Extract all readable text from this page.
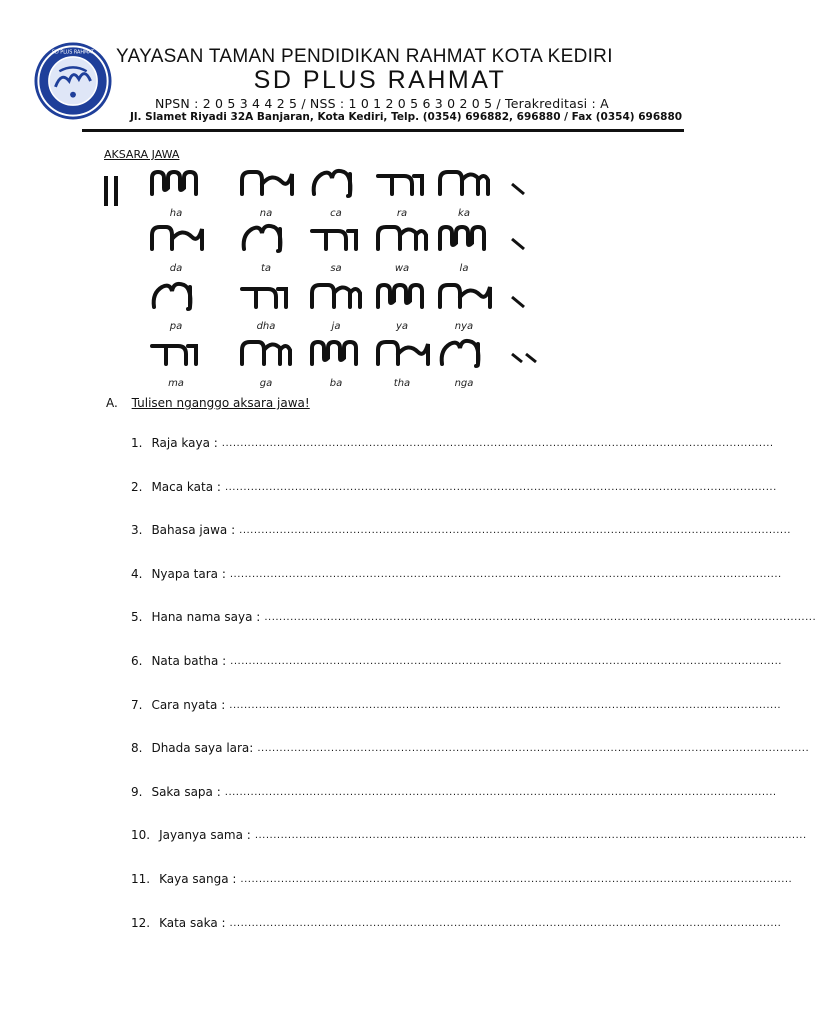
SD PLUS RAHMAT YAYASAN TAMAN PENDIDIKAN RAHMAT KOTA KEDIRI
SD PLUS RAHMAT
NPSN : 2 0 5 3 4 4 2 5 / NSS : 1 0 1 2 0 5 6 3 0 2 0 5 / Terakreditasi : A
Jl. Slamet Riyadi 32A Banjaran, Kota Kediri, Telp. (0354) 696882, 696880 / Fax (0354) 696880
AKSARA JAWA
ha	na	ca	ra	ka
da	ta	sa	wa	la
pa	dha	ja	ya	nya
ma	ga	ba	tha	nga
A. Tulisen nganggo aksara jawa!
1. Raja kaya : ......................................................................................................................................................
2. Maca kata : ......................................................................................................................................................
3. Bahasa jawa : ......................................................................................................................................................
4. Nyapa tara : ......................................................................................................................................................
5. Hana nama saya : ......................................................................................................................................................
6. Nata batha : ......................................................................................................................................................
7. Cara nyata : ......................................................................................................................................................
8. Dhada saya lara: ......................................................................................................................................................
9. Saka sapa : ......................................................................................................................................................
10. Jayanya sama : ......................................................................................................................................................
11. Kaya sanga : ......................................................................................................................................................
12. Kata saka : ......................................................................................................................................................
